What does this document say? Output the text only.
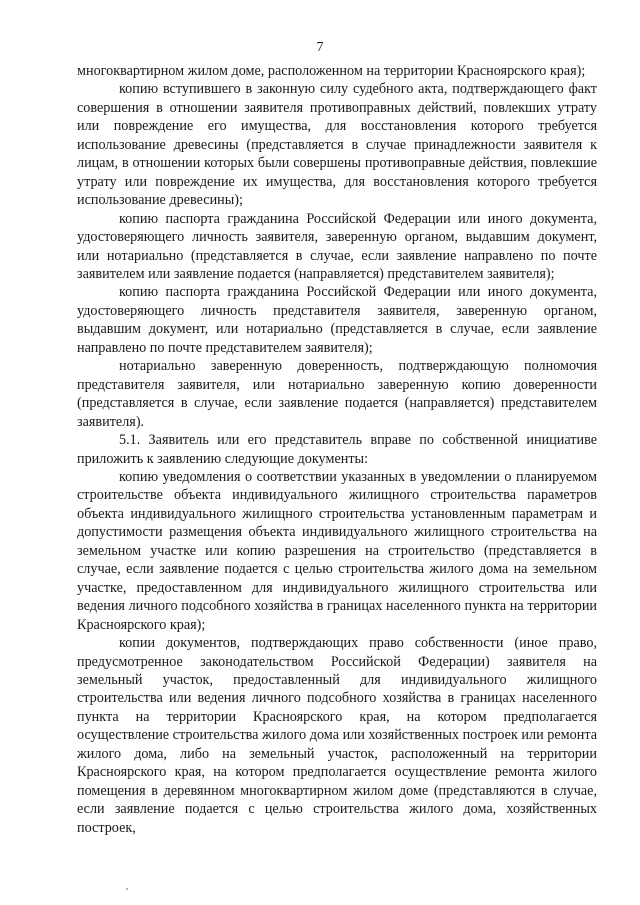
7

многоквартирном жилом доме, расположенном на территории Красноярского края);

копию вступившего в законную силу судебного акта, подтверждающего факт совершения в отношении заявителя противоправных действий, повлекших утрату или повреждение его имущества, для восстановления которого требуется использование древесины (представляется в случае принадлежности заявителя к лицам, в отношении которых были совершены противоправные действия, повлекшие утрату или повреждение их имущества, для восстановления которого требуется использование древесины);

копию паспорта гражданина Российской Федерации или иного документа, удостоверяющего личность заявителя, заверенную органом, выдавшим документ, или нотариально (представляется в случае, если заявление направлено по почте заявителем или заявление подается (направляется) представителем заявителя);

копию паспорта гражданина Российской Федерации или иного документа, удостоверяющего личность представителя заявителя, заверенную органом, выдавшим документ, или нотариально (представляется в случае, если заявление направлено по почте представителем заявителя);

нотариально заверенную доверенность, подтверждающую полномочия представителя заявителя, или нотариально заверенную копию доверенности (представляется в случае, если заявление подается (направляется) представителем заявителя).

5.1. Заявитель или его представитель вправе по собственной инициативе приложить к заявлению следующие документы:

копию уведомления о соответствии указанных в уведомлении о планируемом строительстве объекта индивидуального жилищного строительства параметров объекта индивидуального жилищного строительства установленным параметрам и допустимости размещения объекта индивидуального жилищного строительства на земельном участке или копию разрешения на строительство (представляется в случае, если заявление подается с целью строительства жилого дома на земельном участке, предоставленном для индивидуального жилищного строительства или ведения личного подсобного хозяйства в границах населенного пункта на территории Красноярского края);

копии документов, подтверждающих право собственности (иное право, предусмотренное законодательством Российской Федерации) заявителя на земельный участок, предоставленный для индивидуального жилищного строительства или ведения личного подсобного хозяйства в границах населенного пункта на территории Красноярского края, на котором предполагается осуществление строительства жилого дома или хозяйственных построек или ремонта жилого дома, либо на земельный участок, расположенный на территории Красноярского края, на котором предполагается осуществление ремонта жилого помещения в деревянном многоквартирном жилом доме (представляются в случае, если заявление подается с целью строительства жилого дома, хозяйственных построек,
